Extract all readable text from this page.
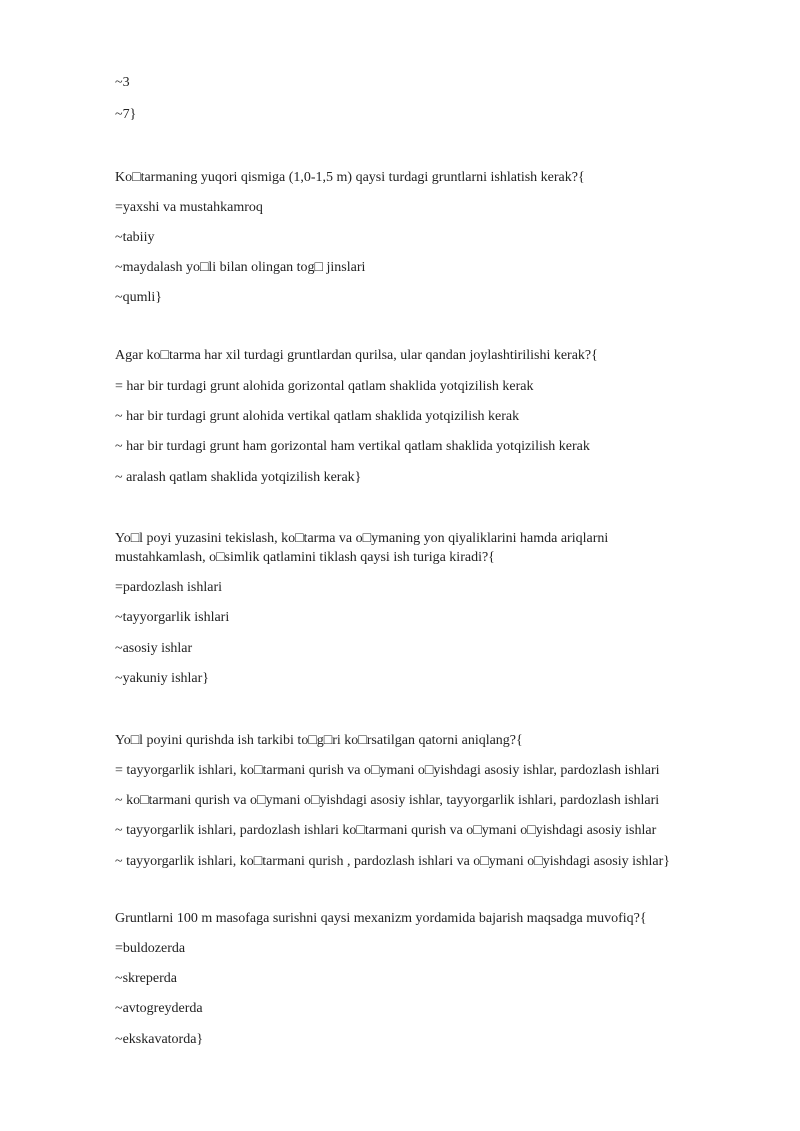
~3
~7}
Ko□tarmaning yuqori qismiga (1,0-1,5 m) qaysi turdagi gruntlarni ishlatish kerak?{
=yaxshi va mustahkamroq
~tabiiy
~maydalash yo□li bilan olingan tog□ jinslari
~qumli}
Agar ko□tarma har xil turdagi gruntlardan qurilsa, ular qandan joylashtirilishi kerak?{
= har bir turdagi grunt alohida gorizontal qatlam shaklida yotqizilish kerak
~ har bir turdagi grunt alohida vertikal qatlam shaklida yotqizilish kerak
~ har bir turdagi grunt ham gorizontal ham vertikal qatlam shaklida yotqizilish kerak
~ aralash qatlam shaklida yotqizilish kerak}
Yo□l poyi yuzasini tekislash, ko□tarma va o□ymaning yon qiyaliklarini hamda ariqlarni
mustahkamlash, o□simlik qatlamini tiklash qaysi ish turiga kiradi?{
=pardozlash ishlari
~tayyorgarlik ishlari
~asosiy ishlar
~yakuniy ishlar}
Yo□l poyini qurishda ish tarkibi to□g□ri ko□rsatilgan qatorni aniqlang?{
= tayyorgarlik ishlari, ko□tarmani qurish va o□ymani o□yishdagi asosiy ishlar, pardozlash ishlari
~ ko□tarmani qurish va o□ymani o□yishdagi asosiy ishlar, tayyorgarlik ishlari, pardozlash ishlari
~ tayyorgarlik ishlari, pardozlash ishlari ko□tarmani qurish va o□ymani o□yishdagi asosiy ishlar
~ tayyorgarlik ishlari, ko□tarmani qurish , pardozlash ishlari va o□ymani o□yishdagi asosiy ishlar}
Gruntlarni 100 m masofaga surishni qaysi mexanizm yordamida bajarish maqsadga muvofiq?{
=buldozerda
~skreperda
~avtogreyderda
~ekskavatorda}
